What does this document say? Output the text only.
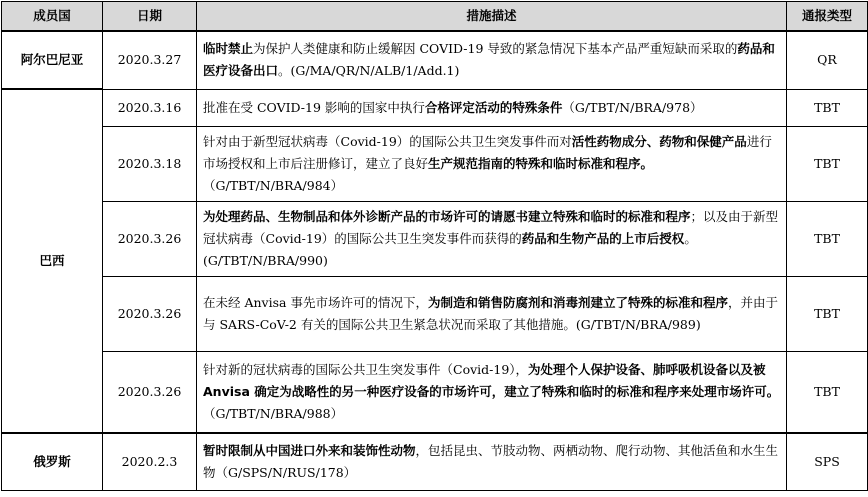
成员国	日期	措施描述	通报类型
阿尔巴尼亚	2020.3.27	临时禁止为保护人类健康和防止缓解因 COVID-19 导致的紧急情况下基本产品严重短缺而采取的药品和医疗设备出口。(G/MA/QR/N/ALB/1/Add.1)	QR
巴西	2020.3.16	批准在受 COVID-19 影响的国家中执行合格评定活动的特殊条件（G/TBT/N/BRA/978）	TBT
	2020.3.18	针对由于新型冠状病毒（Covid-19）的国际公共卫生突发事件而对活性药物成分、药物和保健产品进行市场授权和上市后注册修订，建立了良好生产规范指南的特殊和临时标准和程序。（G/TBT/N/BRA/984）	TBT
	2020.3.26	为处理药品、生物制品和体外诊断产品的市场许可的请愿书建立特殊和临时的标准和程序；以及由于新型冠状病毒（Covid-19）的国际公共卫生突发事件而获得的药品和生物产品的上市后授权。(G/TBT/N/BRA/990)	TBT
	2020.3.26	在未经 Anvisa 事先市场许可的情况下，为制造和销售防腐剂和消毒剂建立了特殊的标准和程序，并由于与 SARS-CoV-2 有关的国际公共卫生紧急状况而采取了其他措施。(G/TBT/N/BRA/989)	TBT
	2020.3.26	针对新的冠状病毒的国际公共卫生突发事件（Covid-19），为处理个人保护设备、肺呼吸机设备以及被 Anvisa 确定为战略性的另一种医疗设备的市场许可，建立了特殊和临时的标准和程序来处理市场许可。（G/TBT/N/BRA/988）	TBT
俄罗斯	2020.2.3	暂时限制从中国进口外来和装饰性动物，包括昆虫、节肢动物、两栖动物、爬行动物、其他活鱼和水生生物（G/SPS/N/RUS/178）	SPS
